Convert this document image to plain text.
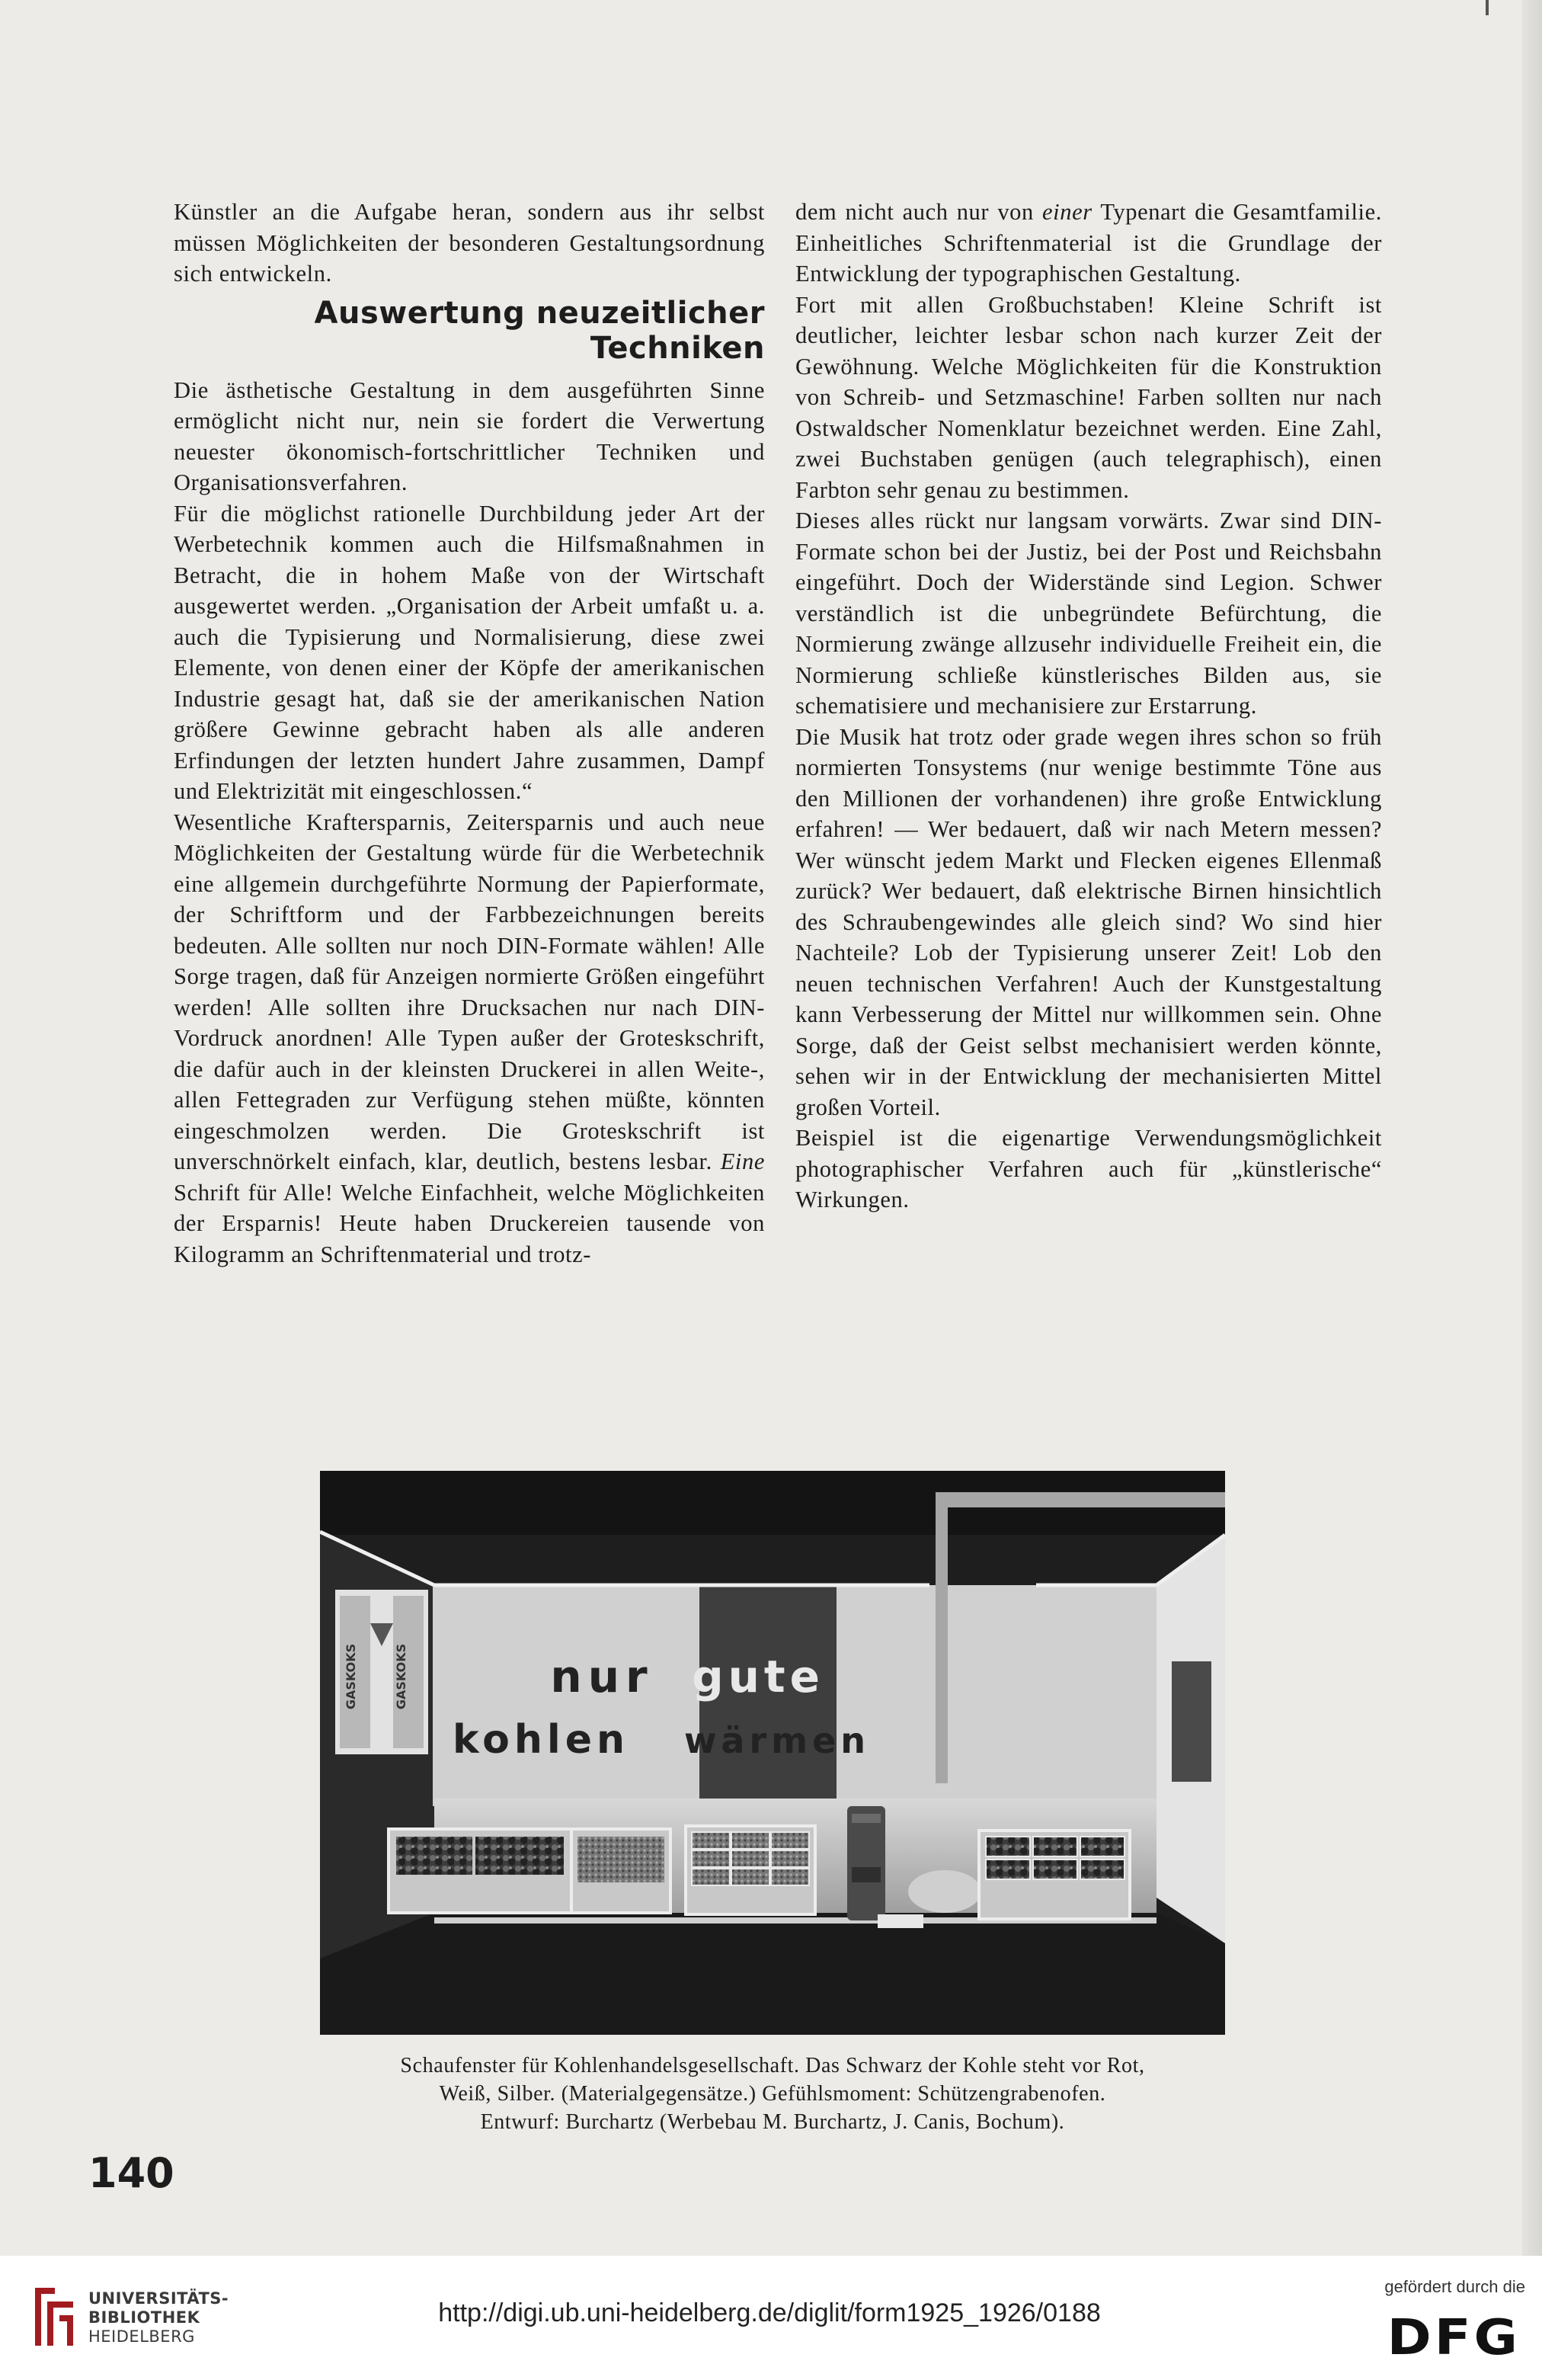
Künstler an die Aufgabe heran, sondern aus ihr selbst müssen Möglichkeiten der besonderen Gestaltungsordnung sich entwickeln.

Auswertung neuzeitlicher
Techniken

Die ästhetische Gestaltung in dem ausgeführten Sinne ermöglicht nicht nur, nein sie fordert die Verwertung neuester ökonomisch-fortschrittlicher Techniken und Organisationsverfahren.

Für die möglichst rationelle Durchbildung jeder Art der Werbetechnik kommen auch die Hilfsmaßnahmen in Betracht, die in hohem Maße von der Wirtschaft ausgewertet werden. „Organisation der Arbeit umfaßt u. a. auch die Typisierung und Normalisierung, diese zwei Elemente, von denen einer der Köpfe der amerikanischen Industrie gesagt hat, daß sie der amerikanischen Nation größere Gewinne gebracht haben als alle anderen Erfindungen der letzten hundert Jahre zusammen, Dampf und Elektrizität mit eingeschlossen.“

Wesentliche Kraftersparnis, Zeitersparnis und auch neue Möglichkeiten der Gestaltung würde für die Werbetechnik eine allgemein durchgeführte Normung der Papierformate, der Schriftform und der Farbbezeichnungen bereits bedeuten. Alle sollten nur noch DIN-Formate wählen! Alle Sorge tragen, daß für Anzeigen normierte Größen eingeführt werden! Alle sollten ihre Drucksachen nur nach DIN-Vordruck anordnen! Alle Typen außer der Groteskschrift, die dafür auch in der kleinsten Druckerei in allen Weite-, allen Fettegraden zur Verfügung stehen müßte, könnten eingeschmolzen werden. Die Groteskschrift ist unverschnörkelt einfach, klar, deutlich, bestens lesbar. Eine Schrift für Alle! Welche Einfachheit, welche Möglichkeiten der Ersparnis! Heute haben Druckereien tausende von Kilogramm an Schriftenmaterial und trotz-

dem nicht auch nur von einer Typenart die Gesamtfamilie. Einheitliches Schriftenmaterial ist die Grundlage der Entwicklung der typographischen Gestaltung.

Fort mit allen Großbuchstaben! Kleine Schrift ist deutlicher, leichter lesbar schon nach kurzer Zeit der Gewöhnung. Welche Möglichkeiten für die Konstruktion von Schreib- und Setzmaschine! Farben sollten nur nach Ostwaldscher Nomenklatur bezeichnet werden. Eine Zahl, zwei Buchstaben genügen (auch telegraphisch), einen Farbton sehr genau zu bestimmen.

Dieses alles rückt nur langsam vorwärts. Zwar sind DIN-Formate schon bei der Justiz, bei der Post und Reichsbahn eingeführt. Doch der Widerstände sind Legion. Schwer verständlich ist die unbegründete Befürchtung, die Normierung zwänge allzusehr individuelle Freiheit ein, die Normierung schließe künstlerisches Bilden aus, sie schematisiere und mechanisiere zur Erstarrung.

Die Musik hat trotz oder grade wegen ihres schon so früh normierten Tonsystems (nur wenige bestimmte Töne aus den Millionen der vorhandenen) ihre große Entwicklung erfahren! — Wer bedauert, daß wir nach Metern messen? Wer wünscht jedem Markt und Flecken eigenes Ellenmaß zurück? Wer bedauert, daß elektrische Birnen hinsichtlich des Schraubengewindes alle gleich sind? Wo sind hier Nachteile? Lob der Typisierung unserer Zeit! Lob den neuen technischen Verfahren! Auch der Kunstgestaltung kann Verbesserung der Mittel nur willkommen sein. Ohne Sorge, daß der Geist selbst mechanisiert werden könnte, sehen wir in der Entwicklung der mechanisierten Mittel großen Vorteil.

Beispiel ist die eigenartige Verwendungsmöglichkeit photographischer Verfahren auch für „künstlerische“ Wirkungen.

GASKOKS	GASKOKS	nur gute
kohlen wärmen
Schaufenster für Kohlenhandelsgesellschaft. Das Schwarz der Kohle steht vor Rot,
Weiß, Silber. (Materialgegensätze.) Gefühlsmoment: Schützengrabenofen.
Entwurf: Burchartz (Werbebau M. Burchartz, J. Canis, Bochum).
140
UNIVERSITÄTS-
BIBLIOTHEK
HEIDELBERG
http://digi.ub.uni-heidelberg.de/diglit/form1925_1926/0188
gefördert durch die
DFG
